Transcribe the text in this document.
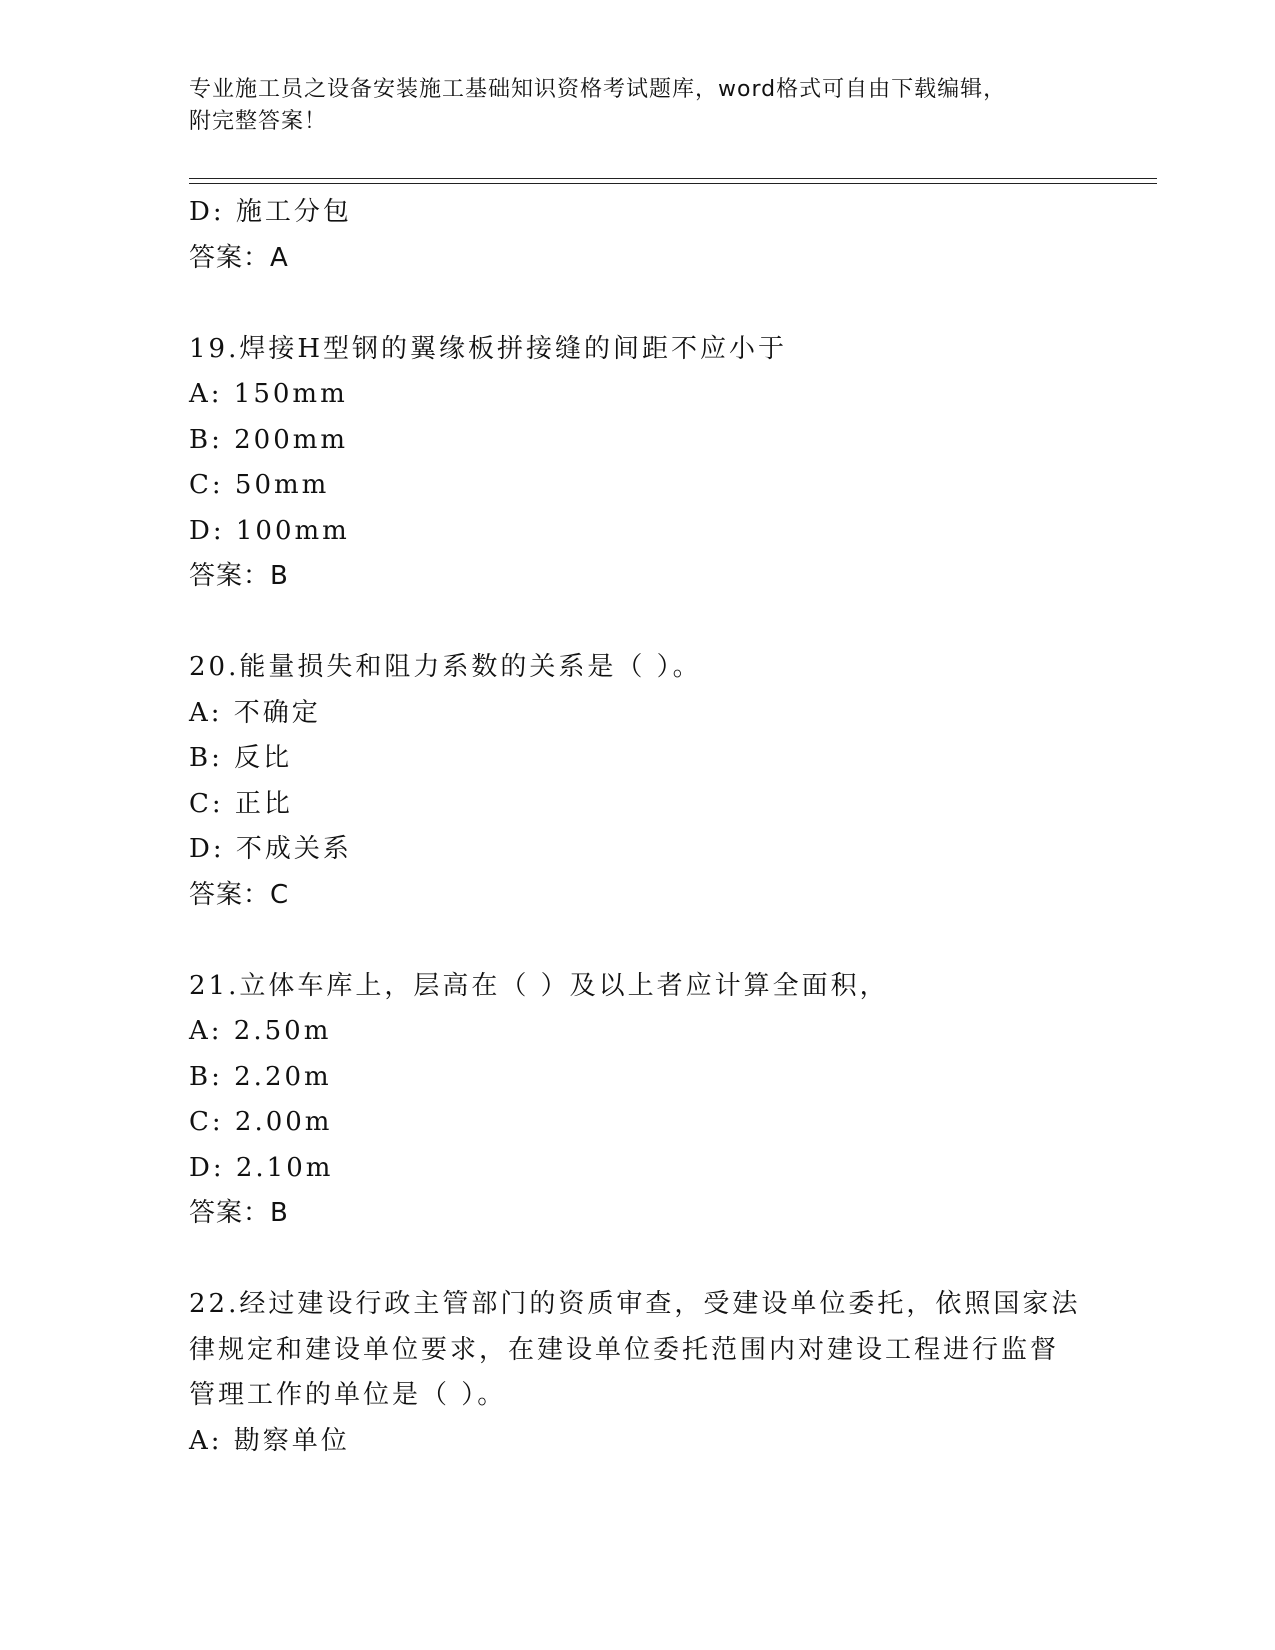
专业施工员之设备安装施工基础知识资格考试题库，word格式可自由下载编辑，
附完整答案！
D: 施工分包
答案：A
19.焊接H型钢的翼缘板拼接缝的间距不应小于
A: 150mm
B: 200mm
C: 50mm
D: 100mm
答案：B
20.能量损失和阻力系数的关系是（ ）。
A: 不确定
B: 反比
C: 正比
D: 不成关系
答案：C
21.立体车库上，层高在（ ）及以上者应计算全面积，
A: 2.50m
B: 2.20m
C: 2.00m
D: 2.10m
答案：B
22.经过建设行政主管部门的资质审查，受建设单位委托，依照国家法
律规定和建设单位要求，在建设单位委托范围内对建设工程进行监督
管理工作的单位是（ ）。
A: 勘察单位
